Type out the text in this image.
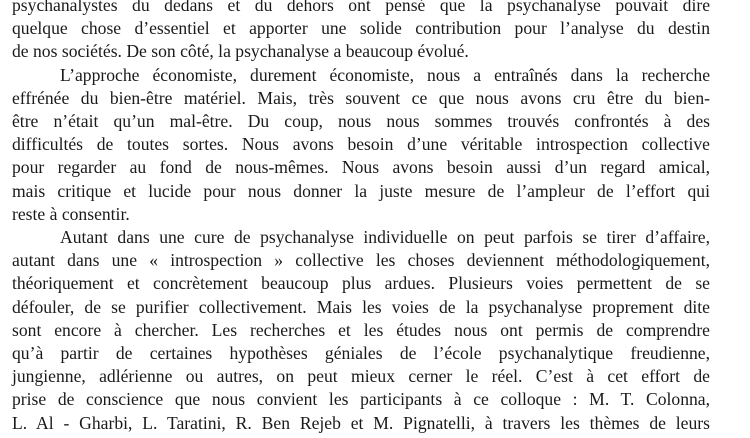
psychanalystes du dedans et du dehors ont pensé que la psychanalyse pouvait dire
quelque chose d’essentiel et apporter une solide contribution pour l’analyse du destin
de nos sociétés. De son côté, la psychanalyse a beaucoup évolué.
L’approche économiste, durement économiste, nous a entraînés dans la recherche
effrénée du bien-être matériel. Mais, très souvent ce que nous avons cru être du bien-
être n’était qu’un mal-être. Du coup, nous nous sommes trouvés confrontés à des
difficultés de toutes sortes. Nous avons besoin d’une véritable introspection collective
pour regarder au fond de nous-mêmes. Nous avons besoin aussi d’un regard amical,
mais critique et lucide pour nous donner la juste mesure de l’ampleur de l’effort qui
reste à consentir.
Autant dans une cure de psychanalyse individuelle on peut parfois se tirer d’affaire,
autant dans une « introspection » collective les choses deviennent méthodologiquement,
théoriquement et concrètement beaucoup plus ardues. Plusieurs voies permettent de se
défouler, de se purifier collectivement. Mais les voies de la psychanalyse proprement dite
sont encore à chercher. Les recherches et les études nous ont permis de comprendre
qu’à partir de certaines hypothèses géniales de l’école psychanalytique freudienne,
jungienne, adlérienne ou autres, on peut mieux cerner le réel. C’est à cet effort de
prise de conscience que nous convient les participants à ce colloque : M. T. Colonna,
L. Al - Gharbi, L. Taratini, R. Ben Rejeb et M. Pignatelli, à travers les thèmes de leurs
